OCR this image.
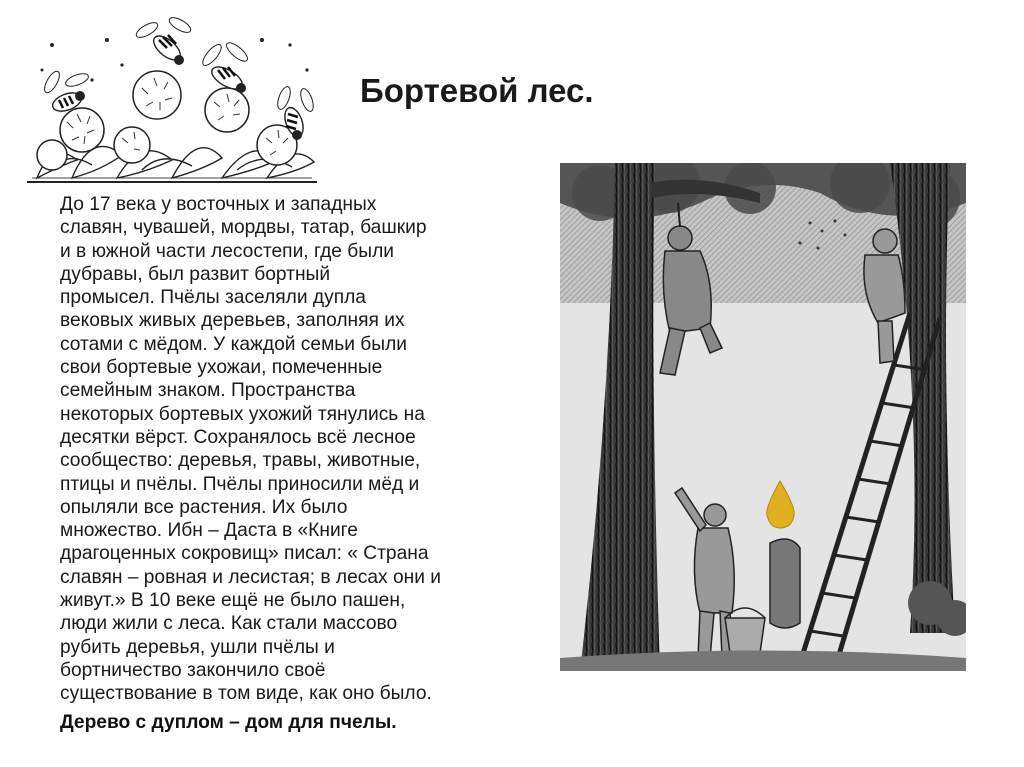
Бортевой лес.
До 17 века у восточных и западных
славян, чувашей, мордвы, татар, башкир
и в южной части лесостепи, где были
дубравы, был развит бортный
промысел. Пчёлы заселяли дупла
вековых живых деревьев, заполняя их
сотами с мёдом. У каждой семьи были
свои бортевые ухожаи, помеченные
семейным знаком. Пространства
некоторых бортевых ухожий тянулись на
десятки вёрст. Сохранялось всё лесное
сообщество: деревья, травы, животные,
птицы и пчёлы. Пчёлы приносили мёд и
опыляли все растения. Их было
множество. Ибн – Даста в «Книге
драгоценных сокровищ» писал: « Страна
славян – ровная и лесистая; в лесах они и
живут.» В 10 веке ещё не было пашен,
люди жили с леса. Как стали массово
рубить деревья, ушли пчёлы и
бортничество закончило своё
существование в том виде, как оно было.
Дерево с дуплом – дом для пчелы.
